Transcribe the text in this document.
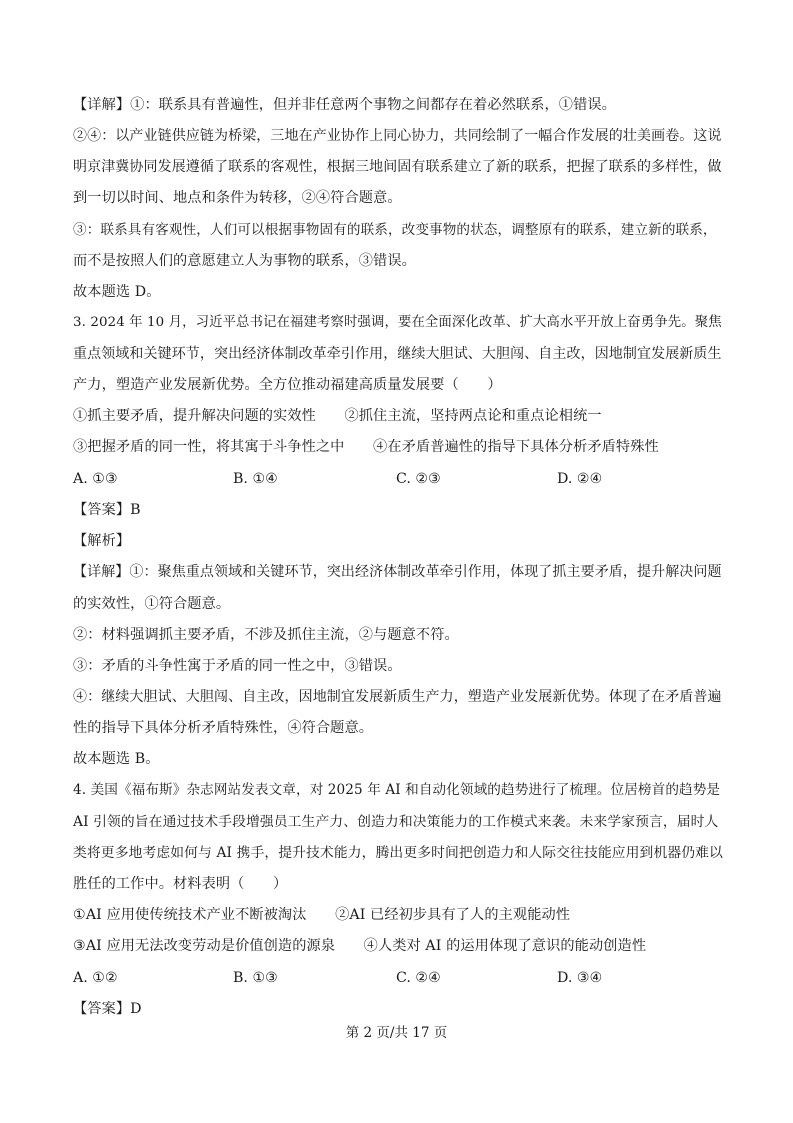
【详解】①：联系具有普遍性，但并非任意两个事物之间都存在着必然联系，①错误。
②④：以产业链供应链为桥梁，三地在产业协作上同心协力，共同绘制了一幅合作发展的壮美画卷。这说
明京津冀协同发展遵循了联系的客观性，根据三地间固有联系建立了新的联系，把握了联系的多样性，做
到一切以时间、地点和条件为转移，②④符合题意。
③：联系具有客观性，人们可以根据事物固有的联系，改变事物的状态，调整原有的联系，建立新的联系，
而不是按照人们的意愿建立人为事物的联系，③错误。
故本题选 D。
3. 2024 年 10 月，习近平总书记在福建考察时强调，要在全面深化改革、扩大高水平开放上奋勇争先。聚焦
重点领域和关键环节，突出经济体制改革牵引作用，继续大胆试、大胆闯、自主改，因地制宜发展新质生
产力，塑造产业发展新优势。全方位推动福建高质量发展要（　　）
①抓主要矛盾，提升解决问题的实效性　　②抓住主流，坚持两点论和重点论相统一
③把握矛盾的同一性，将其寓于斗争性之中　　④在矛盾普遍性的指导下具体分析矛盾特殊性
A. ①③	B. ①④	C. ②③	D. ②④
【答案】B
【解析】
【详解】①：聚焦重点领域和关键环节，突出经济体制改革牵引作用，体现了抓主要矛盾，提升解决问题
的实效性，①符合题意。
②：材料强调抓主要矛盾，不涉及抓住主流，②与题意不符。
③：矛盾的斗争性寓于矛盾的同一性之中，③错误。
④：继续大胆试、大胆闯、自主改，因地制宜发展新质生产力，塑造产业发展新优势。体现了在矛盾普遍
性的指导下具体分析矛盾特殊性，④符合题意。
故本题选 B。
4. 美国《福布斯》杂志网站发表文章，对 2025 年 AI 和自动化领域的趋势进行了梳理。位居榜首的趋势是
AI 引领的旨在通过技术手段增强员工生产力、创造力和决策能力的工作模式来袭。未来学家预言，届时人
类将更多地考虑如何与 AI 携手，提升技术能力，腾出更多时间把创造力和人际交往技能应用到机器仍难以
胜任的工作中。材料表明（　　）
①AI 应用使传统技术产业不断被淘汰　　②AI 已经初步具有了人的主观能动性
③AI 应用无法改变劳动是价值创造的源泉　　④人类对 AI 的运用体现了意识的能动创造性
A. ①②	B. ①③	C. ②④	D. ③④
【答案】D
第 2 页/共 17 页
